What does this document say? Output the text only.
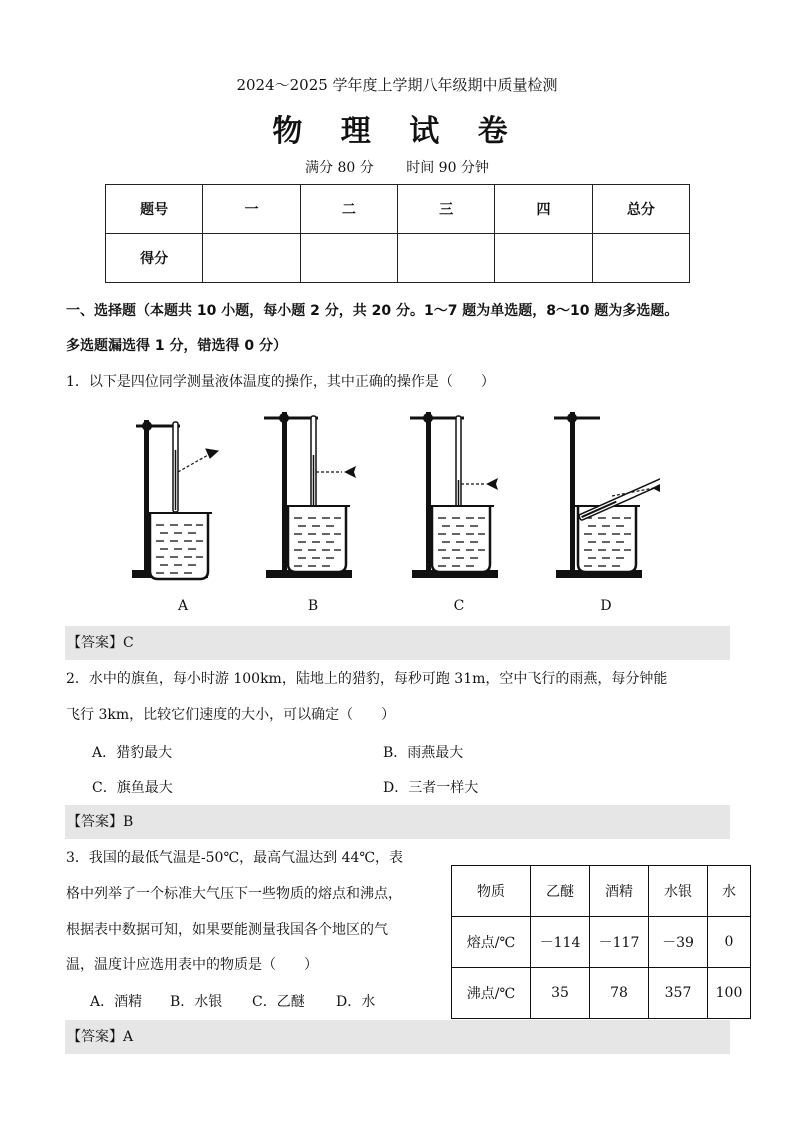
2024～2025 学年度上学期八年级期中质量检测
物 理 试 卷
满分 80 分 时间 90 分钟
题号	一	二	三	四	总分
得分					
一、选择题（本题共 10 小题，每小题 2 分，共 20 分。1～7 题为单选题，8～10 题为多选题。
多选题漏选得 1 分，错选得 0 分）
1．以下是四位同学测量液体温度的操作，其中正确的操作是（　　）
A	B	C	D
【答案】C
2．水中的旗鱼，每小时游 100km，陆地上的猎豹，每秒可跑 31m，空中飞行的雨燕，每分钟能
飞行 3km，比较它们速度的大小，可以确定（　　）
A．猎豹最大	B．雨燕最大
C．旗鱼最大	D．三者一样大
【答案】B
3．我国的最低气温是-50℃，最高气温达到 44℃，表
格中列举了一个标准大气压下一些物质的熔点和沸点，
根据表中数据可知，如果要能测量我国各个地区的气
温，温度计应选用表中的物质是（　　）
A．酒精 B．水银 C．乙醚 D．水
物质	乙醚	酒精	水银	水
熔点/℃	－114	－117	－39	0
沸点/℃	35	78	357	100
【答案】A
